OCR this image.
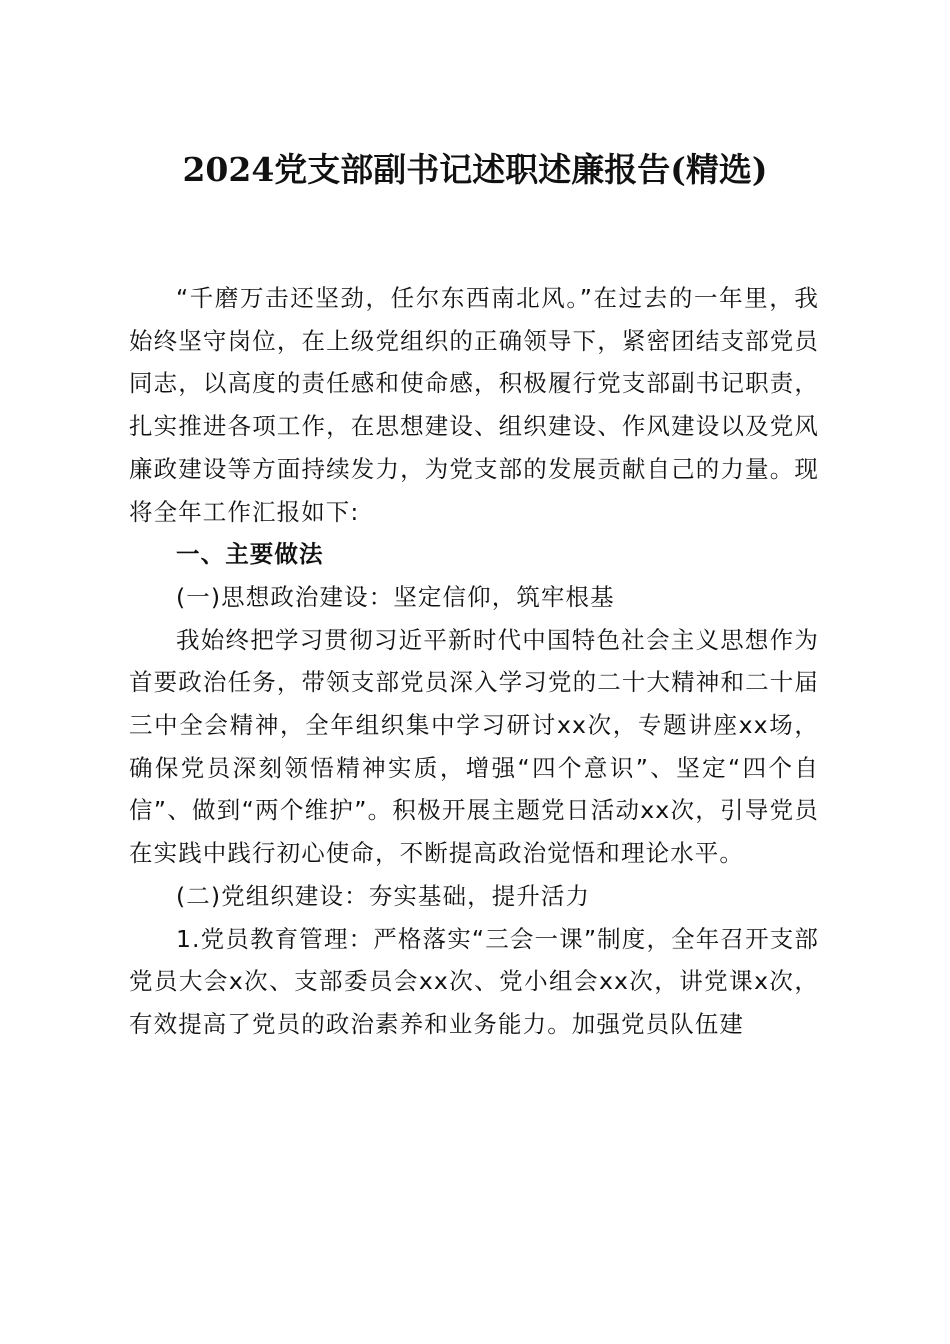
2024党支部副书记述职述廉报告(精选)

“千磨万击还坚劲，任尔东西南北风。”在过去的一年里，我始终坚守岗位，在上级党组织的正确领导下，紧密团结支部党员同志，以高度的责任感和使命感，积极履行党支部副书记职责，扎实推进各项工作，在思想建设、组织建设、作风建设以及党风廉政建设等方面持续发力，为党支部的发展贡献自己的力量。现将全年工作汇报如下:

一、主要做法

(一)思想政治建设：坚定信仰，筑牢根基

我始终把学习贯彻习近平新时代中国特色社会主义思想作为首要政治任务，带领支部党员深入学习党的二十大精神和二十届三中全会精神，全年组织集中学习研讨xx次，专题讲座xx场，确保党员深刻领悟精神实质，增强“四个意识”、坚定“四个自信”、做到“两个维护”。积极开展主题党日活动xx次，引导党员在实践中践行初心使命，不断提高政治觉悟和理论水平。

(二)党组织建设：夯实基础，提升活力

1.党员教育管理：严格落实“三会一课”制度，全年召开支部党员大会x次、支部委员会xx次、党小组会xx次，讲党课x次，有效提高了党员的政治素养和业务能力。加强党员队伍建
